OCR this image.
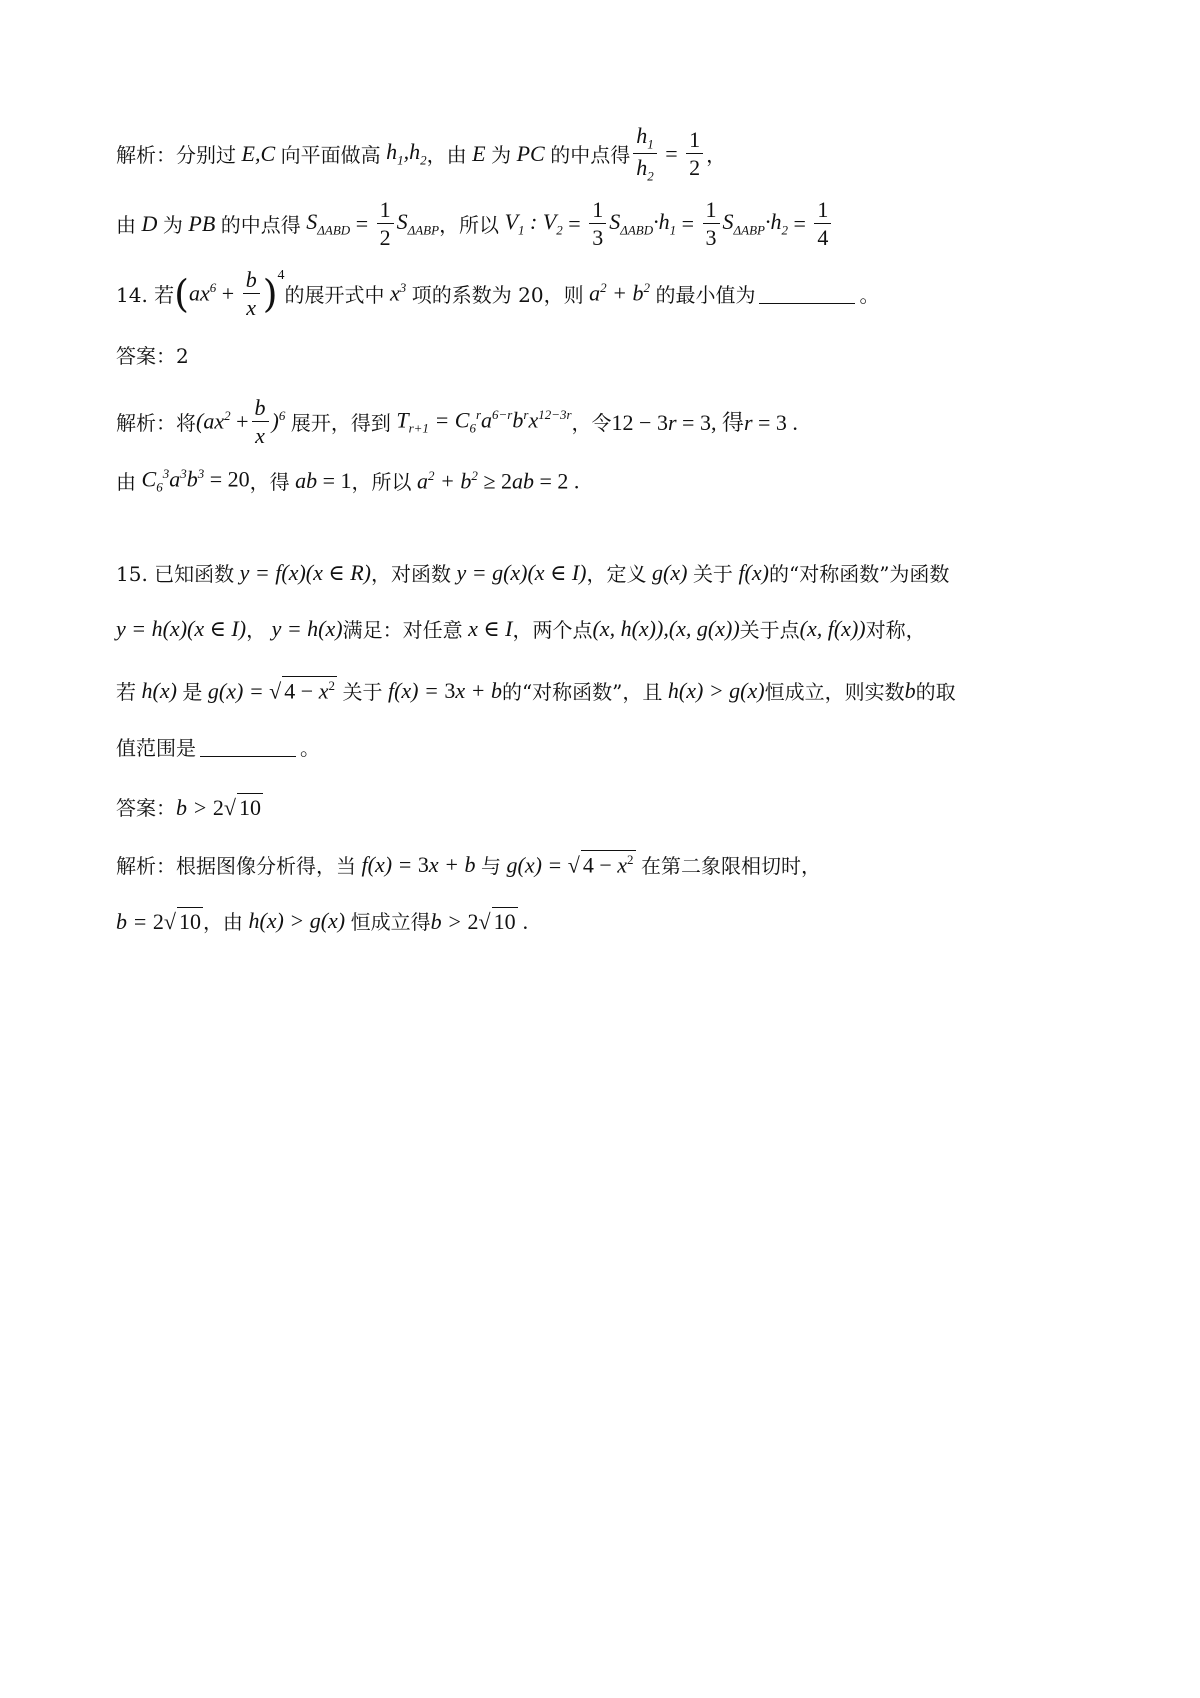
解析：分别过 E,C 向平面做高 $h_1,h_2$ ，由 E 为 PC 的中点得 $\frac{h_1}{h_2} = \frac{1}{2}$ ，
由 D 为 PB 的中点得 $S_{\Delta ABD} = \frac{1}{2} S_{\Delta ABP}$ ，所以 $V_1$ : $V_2 = \frac{1}{3} S_{\Delta ABD}\cdot h_1 = \frac{1}{3} S_{\Delta ABP}\cdot h_2 = \frac{1}{4}$
14. 若 ( $ax^6 + \frac{b}{x}$ ) 4
的展开式中 $x^3$ 项的系数为 20，则 $a^2 + b^2$ 的最小值为	。
答案：2
解析：将 $(ax^2 + \frac{b}{x} )^6$ 展开，得到 $T_{r+1} = C_6^ra^{6-r}b^rx^{12-3r}$ ，令 12 − 3r = 3, 得r = 3 .
由 $C_6^3a^3b^3 = 20$ ，得 ab = 1 ，所以 $a^2 + b^2 \ge 2ab = 2$ .
15. 已知函数 y = f(x)(x ∈ R) ，对函数 y = g(x)(x ∈ I) ，定义 g(x) 关于 f(x) 的“对称函数”为函数
y = h(x)(x ∈ I) ， y = h(x) 满足：对任意 x ∈ I ，两个点 (x, h(x)),(x, g(x)) 关于点 (x, f(x)) 对称，
若 h(x) 是 g(x) = √ $4 - x^2$ 关于 f(x) = 3x + b 的“对称函数”，且 h(x) > g(x) 恒成立，则实数 b 的取
值范围是	。
答案： b > 2√ 10
解析：根据图像分析得，当 f(x) = 3x + b 与 g(x) = √ $4 - x^2$ 在第二象限相切时，
b = 2√ 10 ，由 h(x) > g(x) 恒成立得 b > 2√ 10 .
